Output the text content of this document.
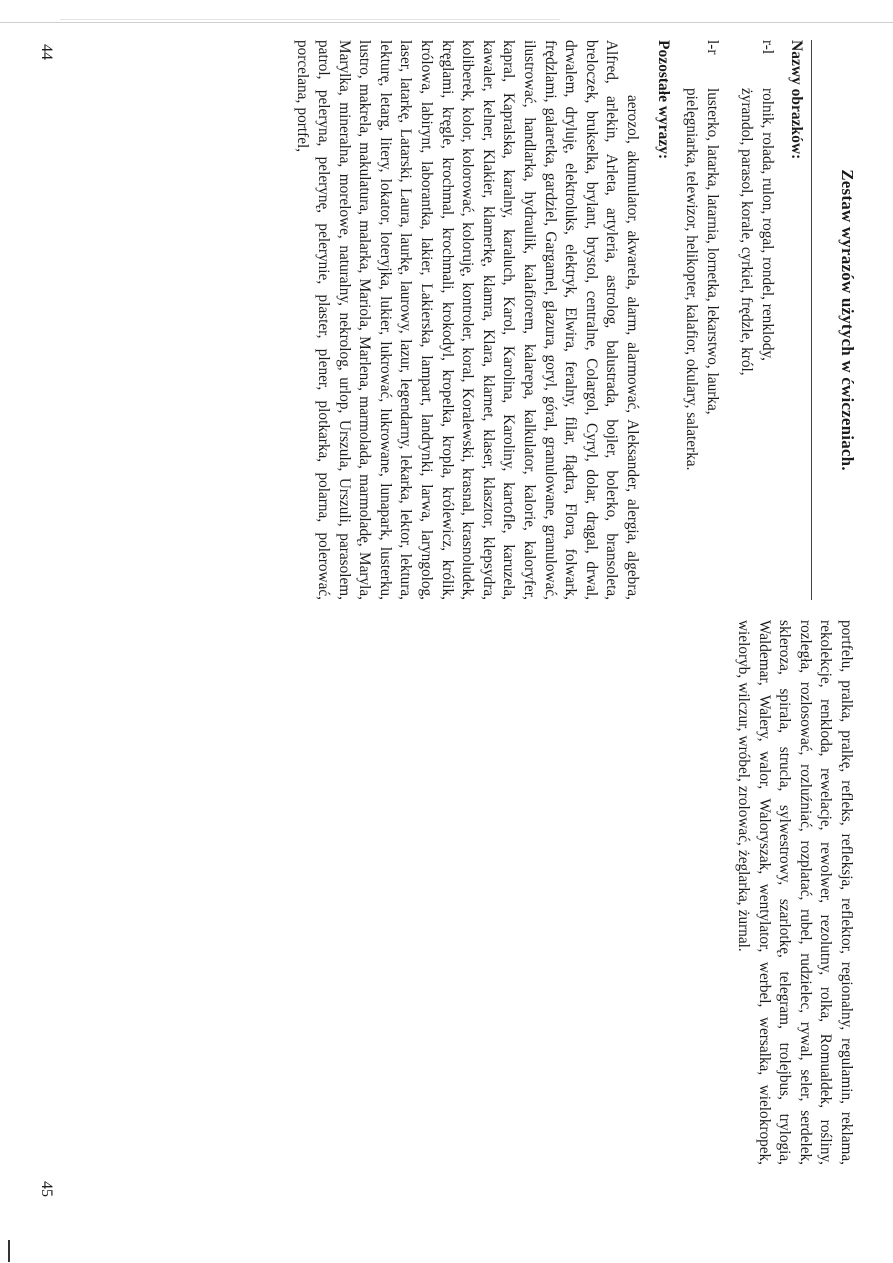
Zestaw wyrazów użytych w ćwiczeniach.
Nazwy obrazków:
r-l
rolnik, rolada, rulon, rogal, rondel, renklody,
żyrandol, parasol, korale, cyrkiel, frędzle, król,
l-r
lusterko, latarka, latarnia, lornetka, lekarstwo, laurka,
pielęgniarka, telewizor, helikopter, kalafior, okulary, salaterka.
Pozostałe wyrazy:
aerozol, akumulator, akwarela, alarm, alarmować, Aleksander, alergia, algebra, Alfred, arlekin, Arleta, artyleria, astrolog, balustrada, bojler, bolerko, bransoleta, breloczek, brukselka, brylant, brystol, centralne, Colargol, Cyryl, dolar, drągal, drwal, drwalem, dryluję, elektroluks, elektryk, Elwira, feralny, filar, flądra, Flora, folwark, frędzlami, galaretka, gardziel, Gargamel, glazura, goryl, góral, granulowane, granulować, ilustrować, handlarka, hydraulik, kalafiorem, kalarepa, kalkulator, kalorie, kaloryfer, kapral, Kapralska, karalny, karaluch, Karol, Karolina, Karoliny, kartofle, karuzela, kawaler, kelner, Klakier, klamerkę, klamra, Klara, klarnet, klaser, klasztor, klepsydra, koliberek, kolor, kolorować, koloruję, kontroler, koral, Koralewski, krasnal, krasnoludek, kręglami, kręgle, krochmal, krochmali, krokodyl, kropelka, kropla, królewicz, królik, królowa, labirynt, laborantka, lakier, Lakierska, lampart, landrynki, larwa, laryngolog, laser, latarkę, Latarski, Laura, laurkę, laurowy, lazur, legendarny, lekarka, lektor, lektura, lekturę, letarg, litery, lokator, loteryjka, lukier, lukrować, lukrowane, lunapark, lusterku, lustro, makrela, makulatura, malarka, Mariola, Marlena, marmolada, marmoladę, Maryla, Marylka, mineralna, morelowe, naturalny, nekrolog, urlop, Urszula, Urszuli, parasolem, patrol, peleryna, pelerynę, pelerynie, plaster, plener, plotkarka, polarna, polerować, porcelana, portfel,
44
portfelu, pralka, pralkę, refleks, refleksja, reflektor, regionalny, regulamin, reklama, rekolekcje, renkloda, rewelacje, rewolwer, rezolutny, rolka, Romualdek, rośliny, rozległa, rozlosować, rozluźniać, rozplatać, rubel, rudzielec, rywal, seler, serdelek, skleroza, spirala, strucla, sylwestrowy, szarlotkę, telegram, trolejbus, trylogia, Waldemar, Walery, walor, Waloryszak, wentylator, werbel, wersalka, wielokropek, wieloryb, wilczur, wróbel, zrolować, żeglarka, żurnal.
45
